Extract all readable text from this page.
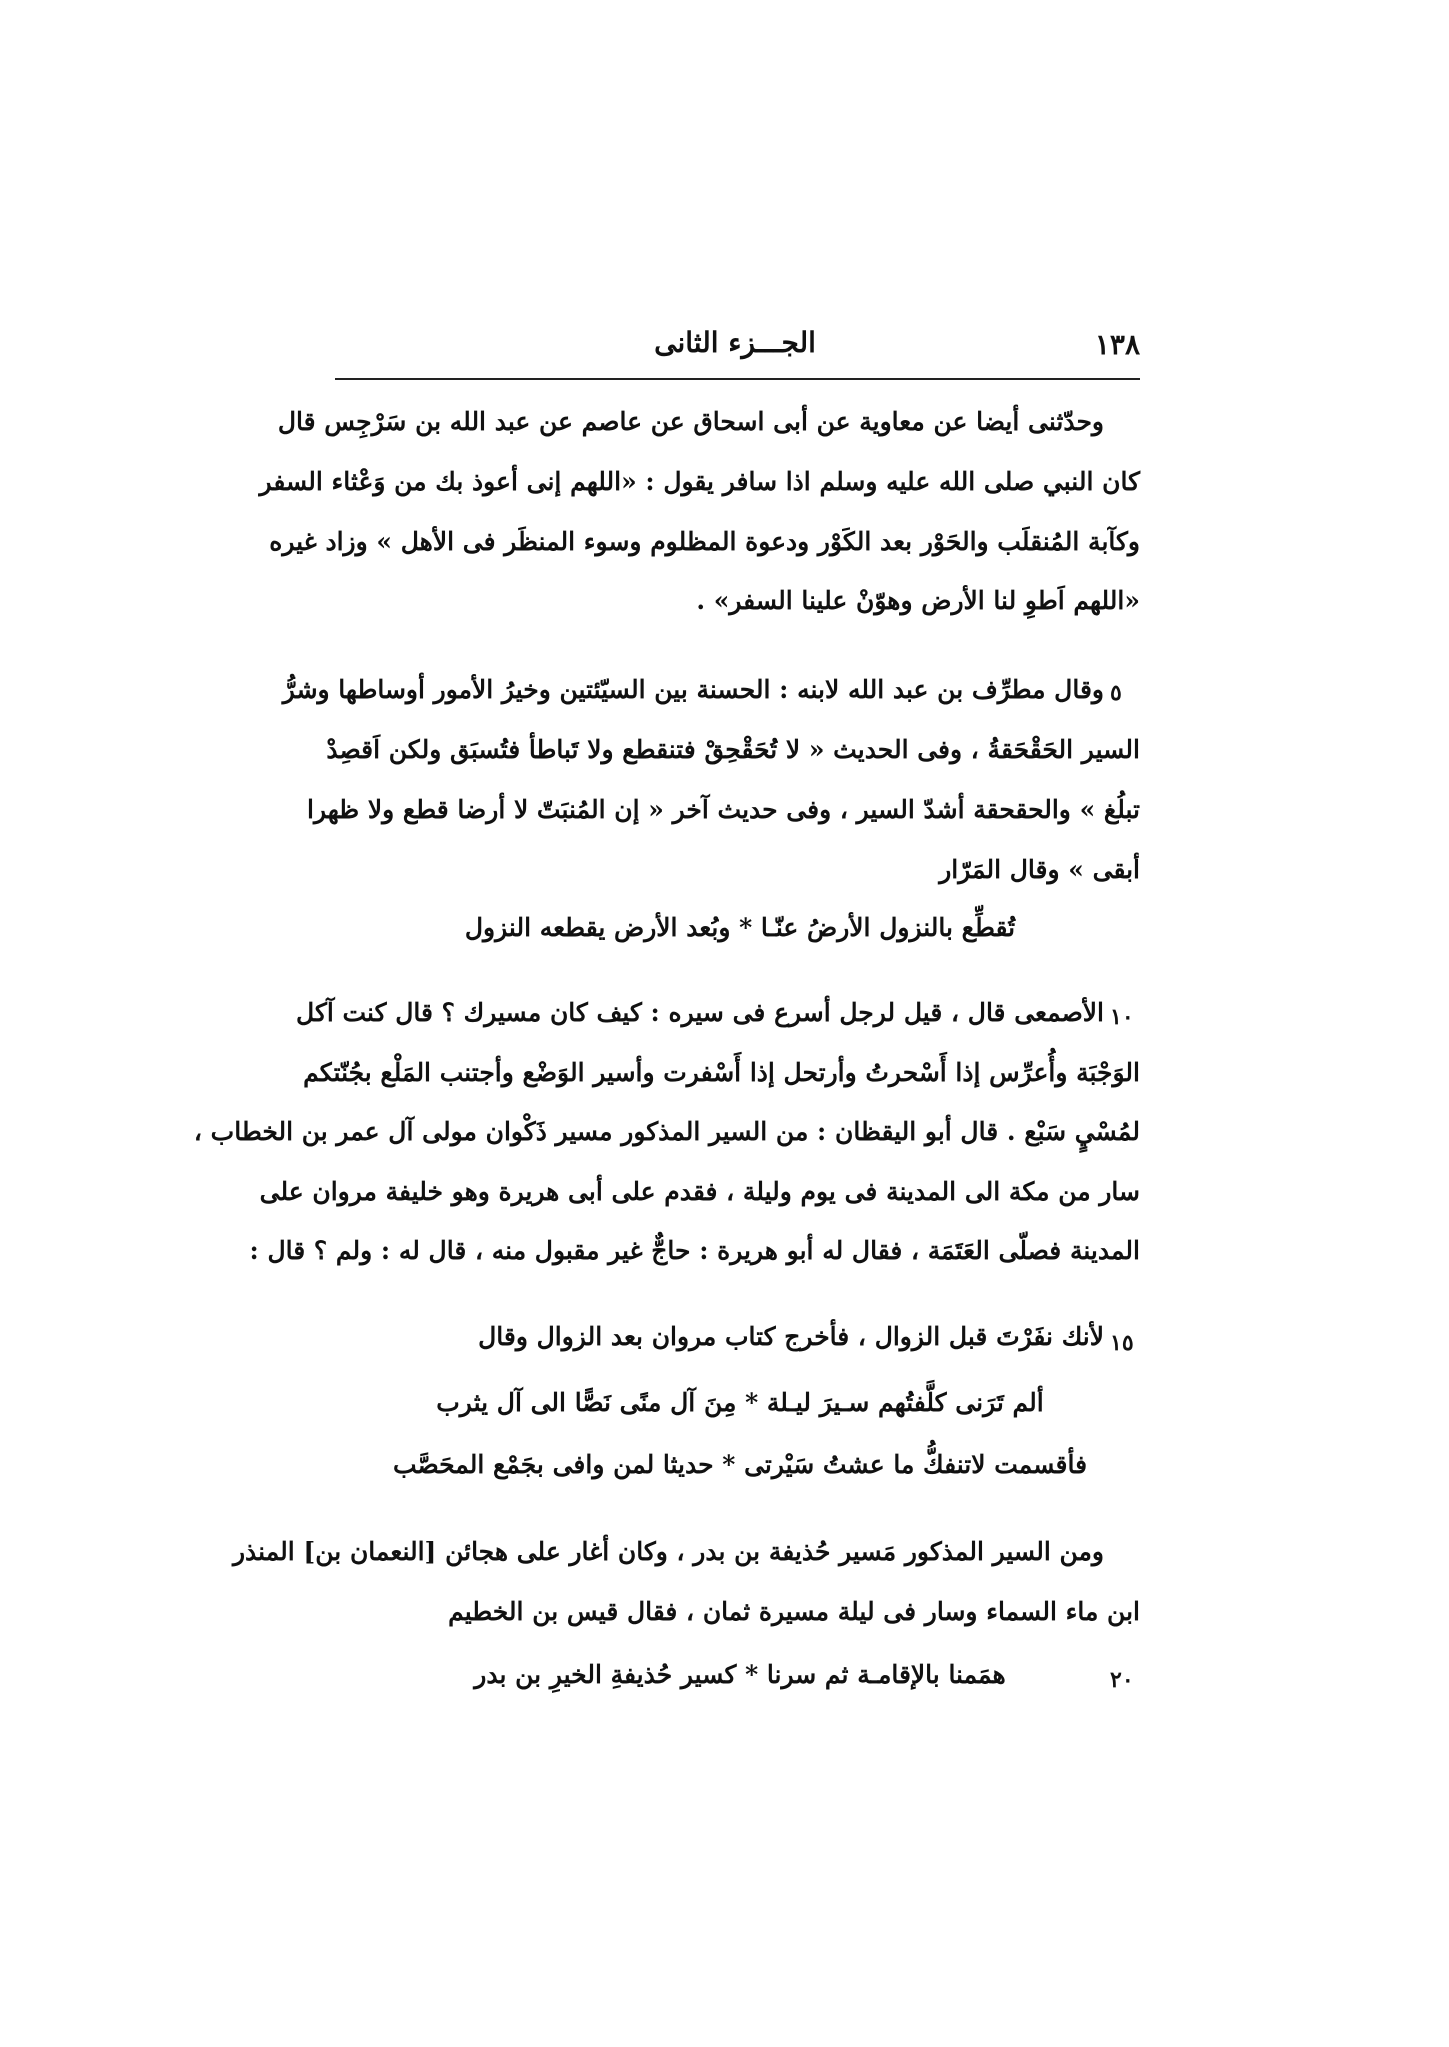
الجـــزء الثانى	١٣٨
وحدّثنى أيضا عن معاوية عن أبى اسحاق عن عاصم عن عبد الله بن سَرْجِس قال
كان النبي صلى الله عليه وسلم اذا سافر يقول : «اللهم إنى أعوذ بك من وَعْثاء السفر
وكآبة المُنقلَب والحَوْر بعد الكَوْر ودعوة المظلوم وسوء المنظَر فى الأهل » وزاد غيره
«اللهم اَطوِ لنا الأرض وهوّنْ علينا السفر» .
٥
وقال مطرِّف بن عبد الله لابنه : الحسنة بين السيّئتين وخيرُ الأمور أوساطها وشرُّ
السير الحَقْحَقةُ ، وفى الحديث « لا تُحَقْحِقْ فتنقطع ولا تَباطأ فتُسبَق ولكن اَقصِدْ
تبلُغ » والحقحقة أشدّ السير ، وفى حديث آخر « إن المُنبَتّ لا أرضا قطع ولا ظهرا
أبقى » وقال المَرّار
تُقطِّع بالنزول الأرضُ عنّـا * وبُعد الأرض يقطعه النزول
١٠
الأصمعى قال ، قيل لرجل أسرع فى سيره : كيف كان مسيرك ؟ قال كنت آكل
الوَجْبَة وأُعرِّس إذا أَسْحرتُ وأرتحل إذا أَسْفرت وأسير الوَضْع وأجتنب المَلْع بجُنّتكم
لمُسْيٍ سَبْع . قال أبو اليقظان : من السير المذكور مسير ذَكْوان مولى آل عمر بن الخطاب ،
سار من مكة الى المدينة فى يوم وليلة ، فقدم على أبى هريرة وهو خليفة مروان على
المدينة فصلّى العَتَمَة ، فقال له أبو هريرة : حاجٌّ غير مقبول منه ، قال له : ولم ؟ قال :
١٥
لأنك نفَرْتَ قبل الزوال ، فأخرج كتاب مروان بعد الزوال وقال
ألم تَرَنى كلَّفتُهم سـيرَ ليـلة * مِنَ آل منًى نَصًّا الى آل يثرب
فأقسمت لاتنفكُّ ما عشتُ سَيْرتى * حديثا لمن وافى بجَمْع المحَصَّب
ومن السير المذكور مَسير حُذيفة بن بدر ، وكان أغار على هجائن [النعمان بن] المنذر
ابن ماء السماء وسار فى ليلة مسيرة ثمان ، فقال قيس بن الخطيم
٢٠
همَمنا بالإقامـة ثم سرنا * كسير حُذيفةِ الخيرِ بن بدر
